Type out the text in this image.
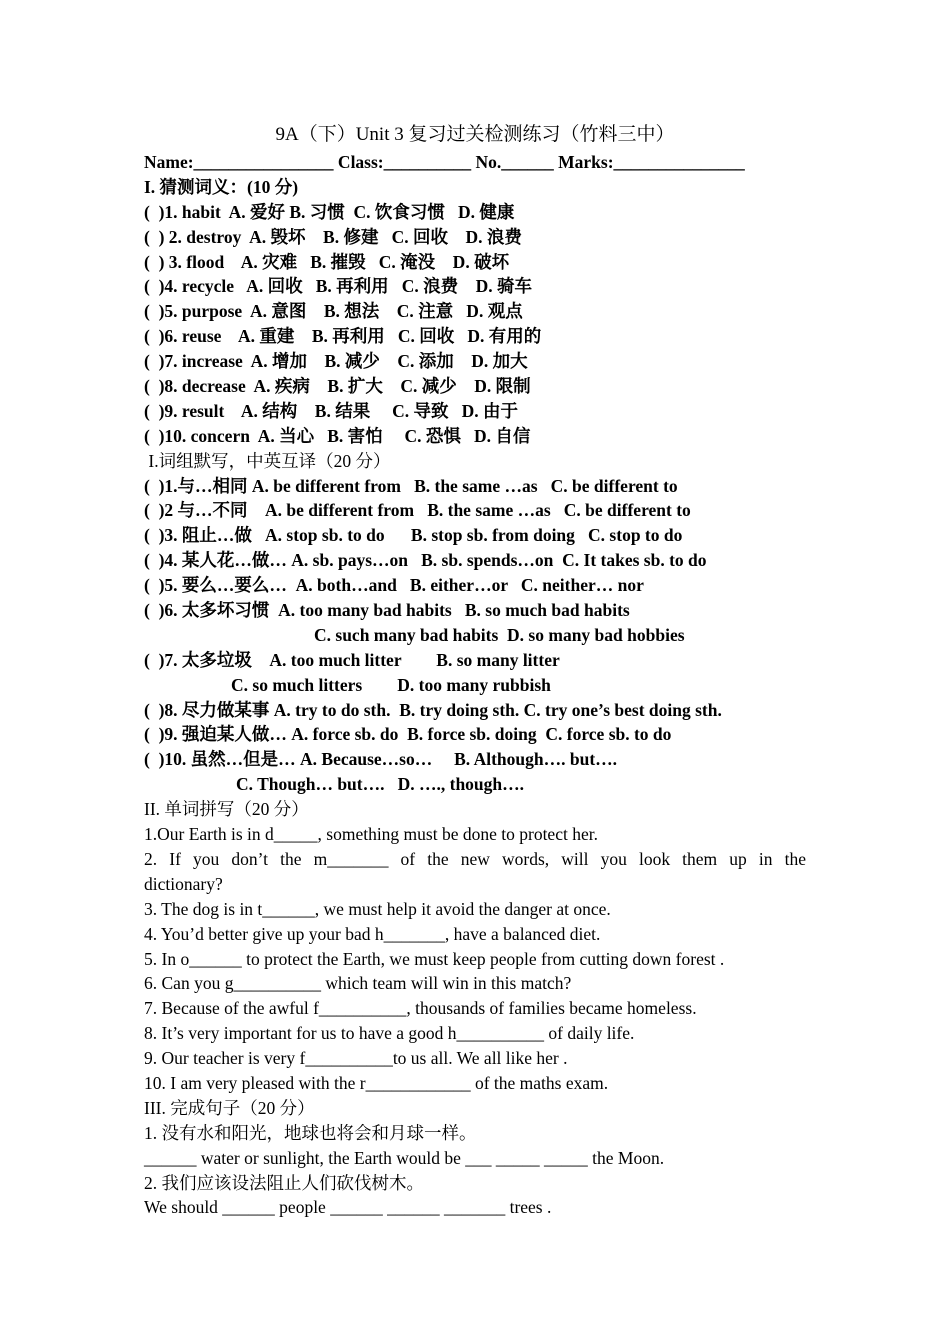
9A（下）Unit 3 复习过关检测练习（竹料三中）
Name:________________ Class:__________ No.______ Marks:_______________
I. 猜测词义：(10 分)
(  )1. habit  A. 爱好 B. 习惯  C. 饮食习惯   D. 健康
(  ) 2. destroy  A. 毁坏    B. 修建   C. 回收    D. 浪费
(  ) 3. flood    A. 灾难   B. 摧毁   C. 淹没    D. 破坏
(  )4. recycle   A. 回收   B. 再利用   C. 浪费    D. 骑车
(  )5. purpose  A. 意图    B. 想法    C. 注意   D. 观点
(  )6. reuse    A. 重建    B. 再利用   C. 回收   D. 有用的
(  )7. increase  A. 增加    B. 减少    C. 添加    D. 加大
(  )8. decrease  A. 疾病    B. 扩大    C. 减少    D. 限制
(  )9. result    A. 结构    B. 结果     C. 导致   D. 由于
(  )10. concern  A. 当心   B. 害怕     C. 恐惧   D. 自信
I.词组默写，中英互译（20 分）
(  )1.与…相同 A. be different from   B. the same …as   C. be different to
(  )2 与…不同    A. be different from   B. the same …as   C. be different to
(  )3. 阻止…做   A. stop sb. to do      B. stop sb. from doing   C. stop to do
(  )4. 某人花…做… A. sb. pays…on   B. sb. spends…on  C. It takes sb. to do
(  )5. 要么…要么…  A. both…and   B. either…or   C. neither… nor
(  )6. 太多坏习惯  A. too many bad habits   B. so much bad habits
C. such many bad habits  D. so many bad hobbies
(  )7. 太多垃圾    A. too much litter        B. so many litter
C. so much litters        D. too many rubbish
(  )8. 尽力做某事 A. try to do sth.  B. try doing sth. C. try one’s best doing sth.
(  )9. 强迫某人做… A. force sb. do  B. force sb. doing  C. force sb. to do
(  )10. 虽然…但是… A. Because…so…     B. Although…. but….
C. Though… but….   D. …., though….
II. 单词拼写（20 分）
1.Our Earth is in d_____, something must be done to protect her.
2. If you don’t the m_______ of the new words, will you look them up in the
dictionary?
3. The dog is in t______, we must help it avoid the danger at once.
4. You’d better give up your bad h_______, have a balanced diet.
5. In o______ to protect the Earth, we must keep people from cutting down forest .
6. Can you g__________ which team will win in this match?
7. Because of the awful f__________, thousands of families became homeless.
8. It’s very important for us to have a good h__________ of daily life.
9. Our teacher is very f__________to us all. We all like her .
10. I am very pleased with the r____________ of the maths exam.
III. 完成句子（20 分）
1. 没有水和阳光，地球也将会和月球一样。
______ water or sunlight, the Earth would be ___ _____ _____ the Moon.
2. 我们应该设法阻止人们砍伐树木。
We should ______ people ______ ______ _______ trees .
